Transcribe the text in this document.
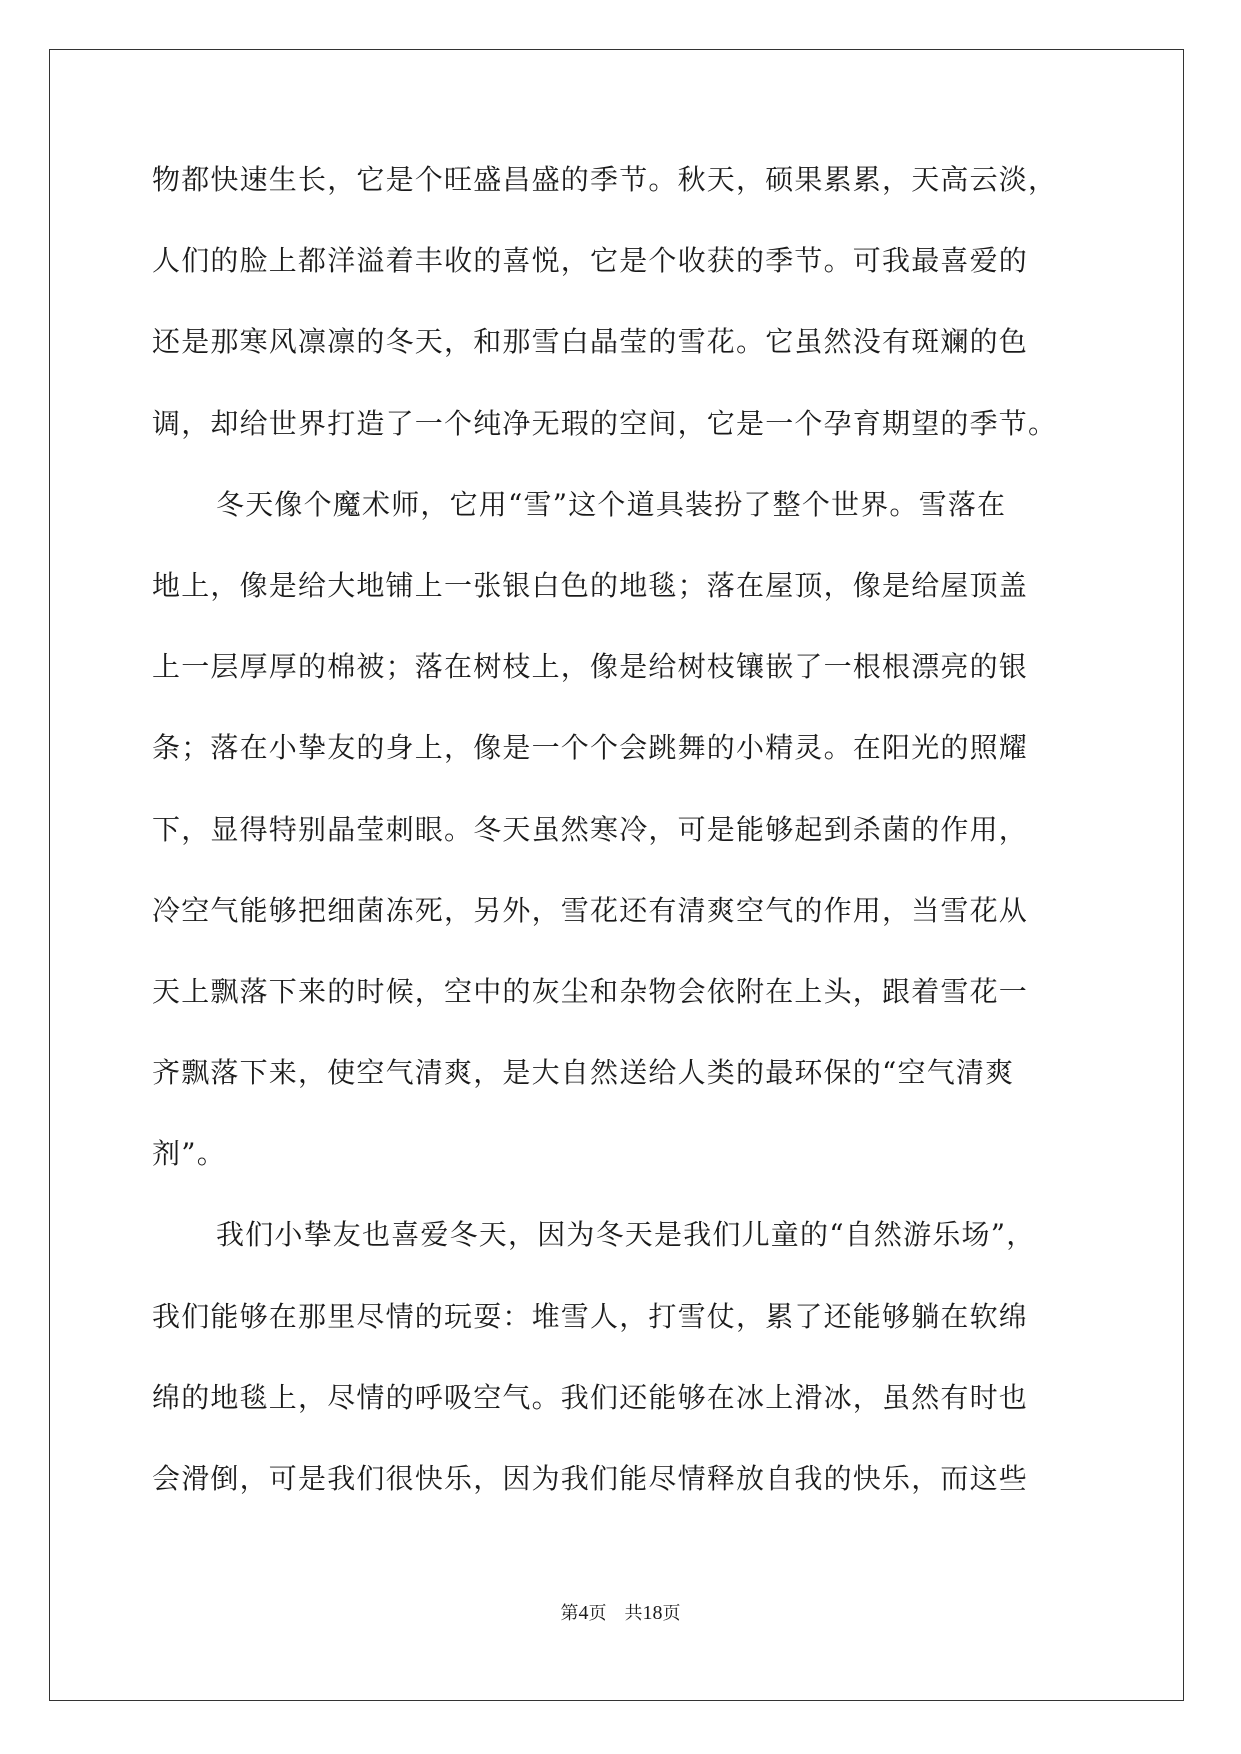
物都快速生长，它是个旺盛昌盛的季节。秋天，硕果累累，天高云淡，
人们的脸上都洋溢着丰收的喜悦，它是个收获的季节。可我最喜爱的
还是那寒风凛凛的冬天，和那雪白晶莹的雪花。它虽然没有斑斓的色
调，却给世界打造了一个纯净无瑕的空间，它是一个孕育期望的季节。
冬天像个魔术师，它用“雪”这个道具装扮了整个世界。雪落在
地上，像是给大地铺上一张银白色的地毯；落在屋顶，像是给屋顶盖
上一层厚厚的棉被；落在树枝上，像是给树枝镶嵌了一根根漂亮的银
条；落在小挚友的身上，像是一个个会跳舞的小精灵。在阳光的照耀
下，显得特别晶莹刺眼。冬天虽然寒冷，可是能够起到杀菌的作用，
冷空气能够把细菌冻死，另外，雪花还有清爽空气的作用，当雪花从
天上飘落下来的时候，空中的灰尘和杂物会依附在上头，跟着雪花一
齐飘落下来，使空气清爽，是大自然送给人类的最环保的“空气清爽
剂”。
我们小挚友也喜爱冬天，因为冬天是我们儿童的“自然游乐场”，
我们能够在那里尽情的玩耍：堆雪人，打雪仗，累了还能够躺在软绵
绵的地毯上，尽情的呼吸空气。我们还能够在冰上滑冰，虽然有时也
会滑倒，可是我们很快乐，因为我们能尽情释放自我的快乐，而这些
第4页 共18页
